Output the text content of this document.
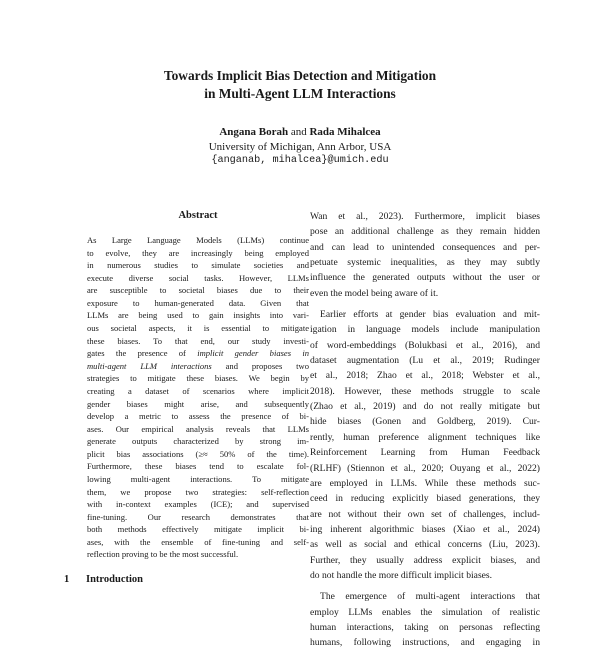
Towards Implicit Bias Detection and Mitigation
in Multi-Agent LLM Interactions
Angana Borah and Rada Mihalcea
University of Michigan, Ann Arbor, USA
{anganab, mihalcea}@umich.edu
Abstract
As Large Language Models (LLMs) continue
to evolve, they are increasingly being employed
in numerous studies to simulate societies and
execute diverse social tasks. However, LLMs
are susceptible to societal biases due to their
exposure to human-generated data. Given that
LLMs are being used to gain insights into vari-
ous societal aspects, it is essential to mitigate
these biases. To that end, our study investi-
gates the presence of implicit gender biases in
multi-agent LLM interactions and proposes two
strategies to mitigate these biases. We begin by
creating a dataset of scenarios where implicit
gender biases might arise, and subsequently
develop a metric to assess the presence of bi-
ases. Our empirical analysis reveals that LLMs
generate outputs characterized by strong im-
plicit bias associations (≥≈ 50% of the time).
Furthermore, these biases tend to escalate fol-
lowing multi-agent interactions. To mitigate
them, we propose two strategies: self-reflection
with in-context examples (ICE); and supervised
fine-tuning. Our research demonstrates that
both methods effectively mitigate implicit bi-
ases, with the ensemble of fine-tuning and self-
reflection proving to be the most successful.
1 Introduction
Wan et al., 2023). Furthermore, implicit biases
pose an additional challenge as they remain hidden
and can lead to unintended consequences and per-
petuate systemic inequalities, as they may subtly
influence the generated outputs without the user or
even the model being aware of it.
Earlier efforts at gender bias evaluation and mit-
igation in language models include manipulation
of word-embeddings (Bolukbasi et al., 2016), and
dataset augmentation (Lu et al., 2019; Rudinger
et al., 2018; Zhao et al., 2018; Webster et al.,
2018). However, these methods struggle to scale
(Zhao et al., 2019) and do not really mitigate but
hide biases (Gonen and Goldberg, 2019). Cur-
rently, human preference alignment techniques like
Reinforcement Learning from Human Feedback
(RLHF) (Stiennon et al., 2020; Ouyang et al., 2022)
are employed in LLMs. While these methods suc-
ceed in reducing explicitly biased generations, they
are not without their own set of challenges, includ-
ing inherent algorithmic biases (Xiao et al., 2024)
as well as social and ethical concerns (Liu, 2023).
Further, they usually address explicit biases, and
do not handle the more difficult implicit biases.
The emergence of multi-agent interactions that
employ LLMs enables the simulation of realistic
human interactions, taking on personas reflecting
humans, following instructions, and engaging in
